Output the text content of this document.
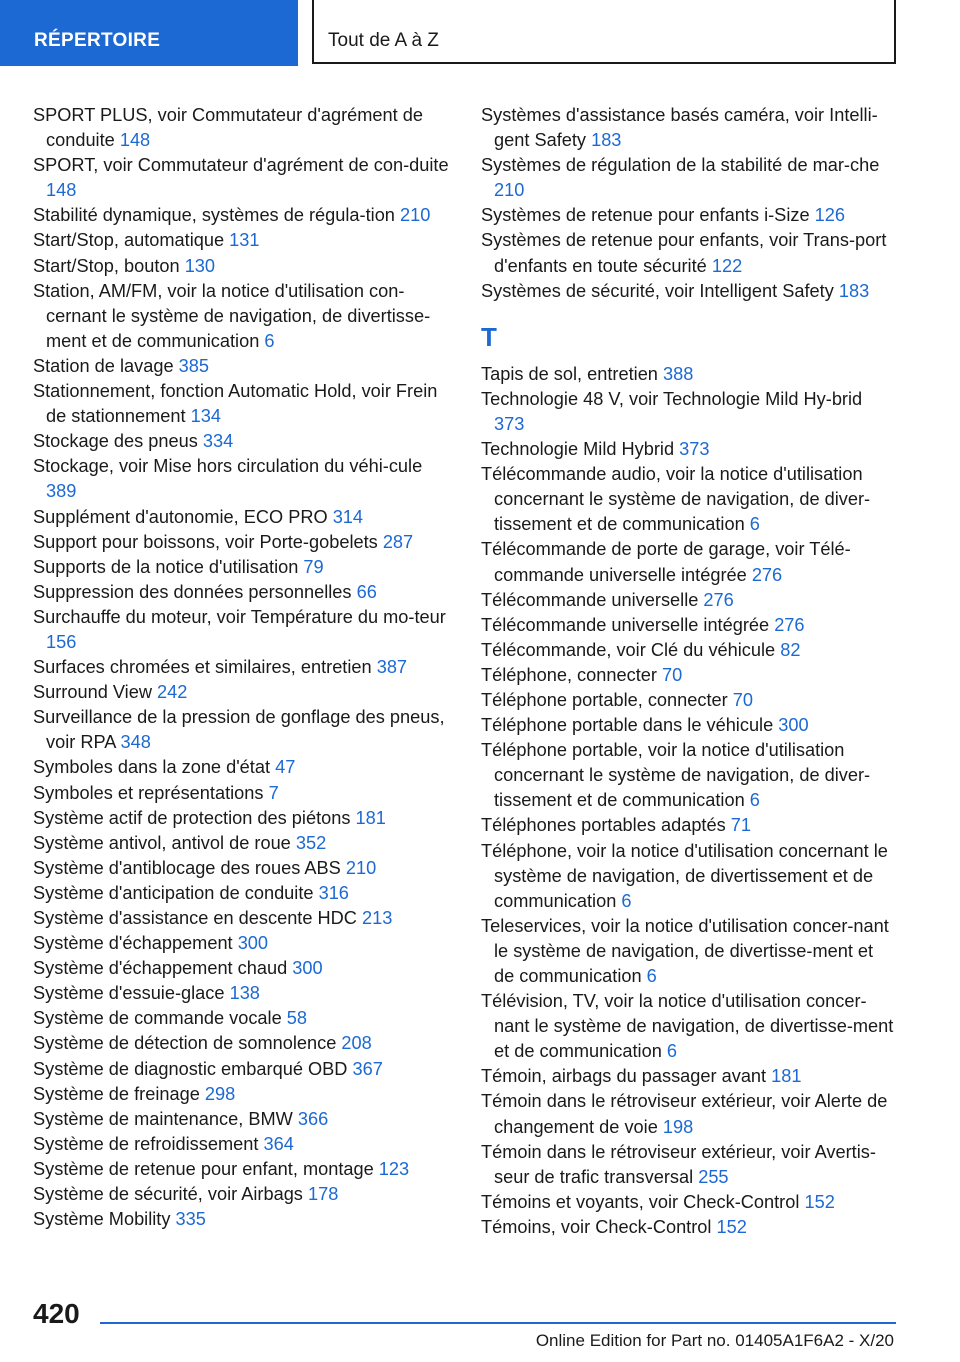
RÉPERTOIRE	Tout de A à Z
SPORT PLUS, voir Commutateur d'agrément de conduite 148
SPORT, voir Commutateur d'agrément de con-duite 148
Stabilité dynamique, systèmes de régula-tion 210
Start/Stop, automatique 131
Start/Stop, bouton 130
Station, AM/FM, voir la notice d'utilisation con-cernant le système de navigation, de divertisse-ment et de communication 6
Station de lavage 385
Stationnement, fonction Automatic Hold, voir Frein de stationnement 134
Stockage des pneus 334
Stockage, voir Mise hors circulation du véhi-cule 389
Supplément d'autonomie, ECO PRO 314
Support pour boissons, voir Porte-gobelets 287
Supports de la notice d'utilisation 79
Suppression des données personnelles 66
Surchauffe du moteur, voir Température du mo-teur 156
Surfaces chromées et similaires, entretien 387
Surround View 242
Surveillance de la pression de gonflage des pneus, voir RPA 348
Symboles dans la zone d'état 47
Symboles et représentations 7
Système actif de protection des piétons 181
Système antivol, antivol de roue 352
Système d'antiblocage des roues ABS 210
Système d'anticipation de conduite 316
Système d'assistance en descente HDC 213
Système d'échappement 300
Système d'échappement chaud 300
Système d'essuie-glace 138
Système de commande vocale 58
Système de détection de somnolence 208
Système de diagnostic embarqué OBD 367
Système de freinage 298
Système de maintenance, BMW 366
Système de refroidissement 364
Système de retenue pour enfant, montage 123
Système de sécurité, voir Airbags 178
Système Mobility 335
Systèmes d'assistance basés caméra, voir Intelli-gent Safety 183
Systèmes de régulation de la stabilité de mar-che 210
Systèmes de retenue pour enfants i-Size 126
Systèmes de retenue pour enfants, voir Trans-port d'enfants en toute sécurité 122
Systèmes de sécurité, voir Intelligent Safety 183
T
Tapis de sol, entretien 388
Technologie 48 V, voir Technologie Mild Hy-brid 373
Technologie Mild Hybrid 373
Télécommande audio, voir la notice d'utilisation concernant le système de navigation, de diver-tissement et de communication 6
Télécommande de porte de garage, voir Télé-commande universelle intégrée 276
Télécommande universelle 276
Télécommande universelle intégrée 276
Télécommande, voir Clé du véhicule 82
Téléphone, connecter 70
Téléphone portable, connecter 70
Téléphone portable dans le véhicule 300
Téléphone portable, voir la notice d'utilisation concernant le système de navigation, de diver-tissement et de communication 6
Téléphones portables adaptés 71
Téléphone, voir la notice d'utilisation concernant le système de navigation, de divertissement et de communication 6
Teleservices, voir la notice d'utilisation concer-nant le système de navigation, de divertisse-ment et de communication 6
Télévision, TV, voir la notice d'utilisation concer-nant le système de navigation, de divertisse-ment et de communication 6
Témoin, airbags du passager avant 181
Témoin dans le rétroviseur extérieur, voir Alerte de changement de voie 198
Témoin dans le rétroviseur extérieur, voir Avertis-seur de trafic transversal 255
Témoins et voyants, voir Check-Control 152
Témoins, voir Check-Control 152
420
Online Edition for Part no. 01405A1F6A2 - X/20
